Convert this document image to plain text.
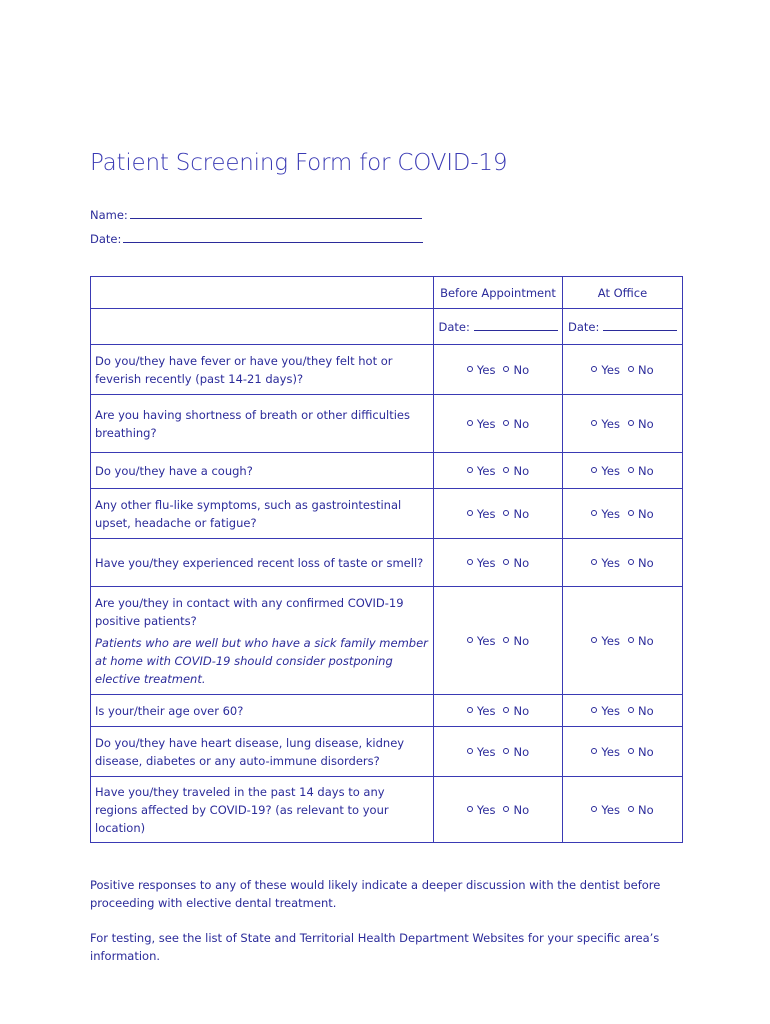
Patient Screening Form for COVID-19
Name:
Date:
	Before Appointment	At Office
	Date:	Date:

Do you/they have fever or have you/they felt hot or feverish recently (past 14-21 days)?	Yes No	Yes No

Are you having shortness of breath or other difficulties breathing?	Yes No	Yes No

Do you/they have a cough?	Yes No	Yes No

Any other flu-like symptoms, such as gastrointestinal upset, headache or fatigue?	Yes No	Yes No

Have you/they experienced recent loss of taste or smell?	Yes No	Yes No

Are you/they in contact with any confirmed COVID-19 positive patients?
Patients who are well but who have a sick family member at home with COVID-19 should consider postponing elective treatment.	Yes No	Yes No

Is your/their age over 60?	Yes No	Yes No

Do you/they have heart disease, lung disease, kidney disease, diabetes or any auto-immune disorders?	Yes No	Yes No

Have you/they traveled in the past 14 days to any regions affected by COVID-19? (as relevant to your location)	Yes No	Yes No
Positive responses to any of these would likely indicate a deeper discussion with the dentist before proceeding with elective dental treatment.
For testing, see the list of State and Territorial Health Department Websites for your specific area’s information.
